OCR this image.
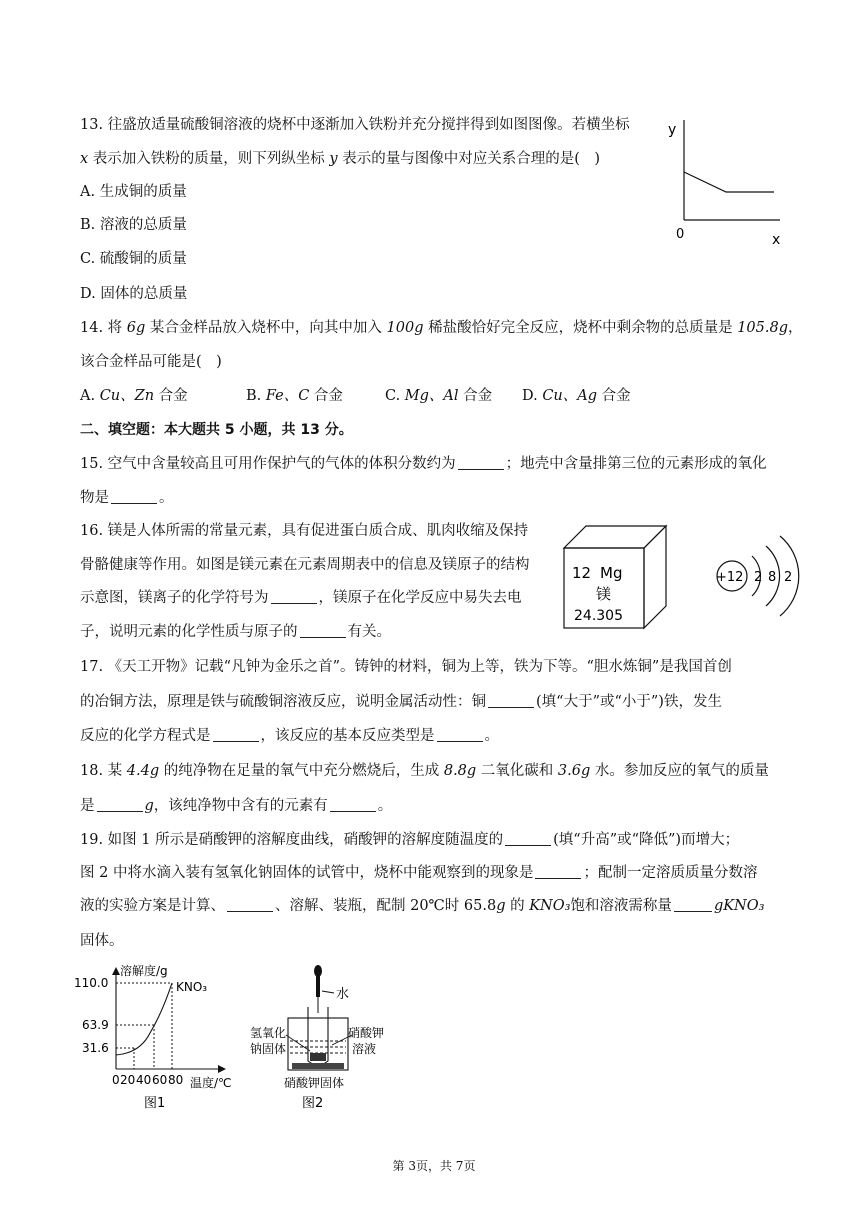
13. 往盛放适量硫酸铜溶液的烧杯中逐渐加入铁粉并充分搅拌得到如图图像。若横坐标
x 表示加入铁粉的质量，则下列纵坐标 y 表示的量与图像中对应关系合理的是(　)
A. 生成铜的质量
B. 溶液的总质量
C. 硫酸铜的质量
D. 固体的总质量
y
x
0
14. 将 6g 某合金样品放入烧杯中，向其中加入 100g 稀盐酸恰好完全反应，烧杯中剩余物的总质量是 105.8g，
该合金样品可能是(　)
A. Cu、Zn 合金	B. Fe、C 合金	C. Mg、Al 合金 D. Cu、Ag 合金
二、填空题：本大题共 5 小题，共 13 分。
15. 空气中含量较高且可用作保护气的气体的体积分数约为	；地壳中含量排第三位的元素形成的氧化
物是	。
16. 镁是人体所需的常量元素，具有促进蛋白质合成、肌肉收缩及保持
骨骼健康等作用。如图是镁元素在元素周期表中的信息及镁原子的结构
示意图，镁离子的化学符号为	，镁原子在化学反应中易失去电
子，说明元素的化学性质与原子的	有关。
12 Mg
镁
24.305
+12 2 8 2
17. 《天工开物》记载“凡钟为金乐之首”。铸钟的材料，铜为上等，铁为下等。“胆水炼铜”是我国首创
的冶铜方法，原理是铁与硫酸铜溶液反应，说明金属活动性：铜	(填“大于”或“小于”)铁，发生
反应的化学方程式是	，该反应的基本反应类型是	。
18. 某 4.4g 的纯净物在足量的氧气中充分燃烧后，生成 8.8g 二氧化碳和 3.6g 水。参加反应的氧气的质量
是	g，该纯净物中含有的元素有	。
19. 如图 1 所示是硝酸钾的溶解度曲线，硝酸钾的溶解度随温度的	(填“升高”或“降低”)而增大；
图 2 中将水滴入装有氢氧化钠固体的试管中，烧杯中能观察到的现象是	；配制一定溶质质量分数溶
液的实验方案是计算、	、溶解、装瓶，配制 20℃时 65.8g 的 KNO₃饱和溶液需称量	gKNO₃
固体。
溶解度/g
KNO₃
110.0
63.9
31.6
0 20 40 60 80 温度/℃
图1
水
氢氧化
钠固体
硝酸钾
溶液
硝酸钾固体
图2
第 3页，共 7页
